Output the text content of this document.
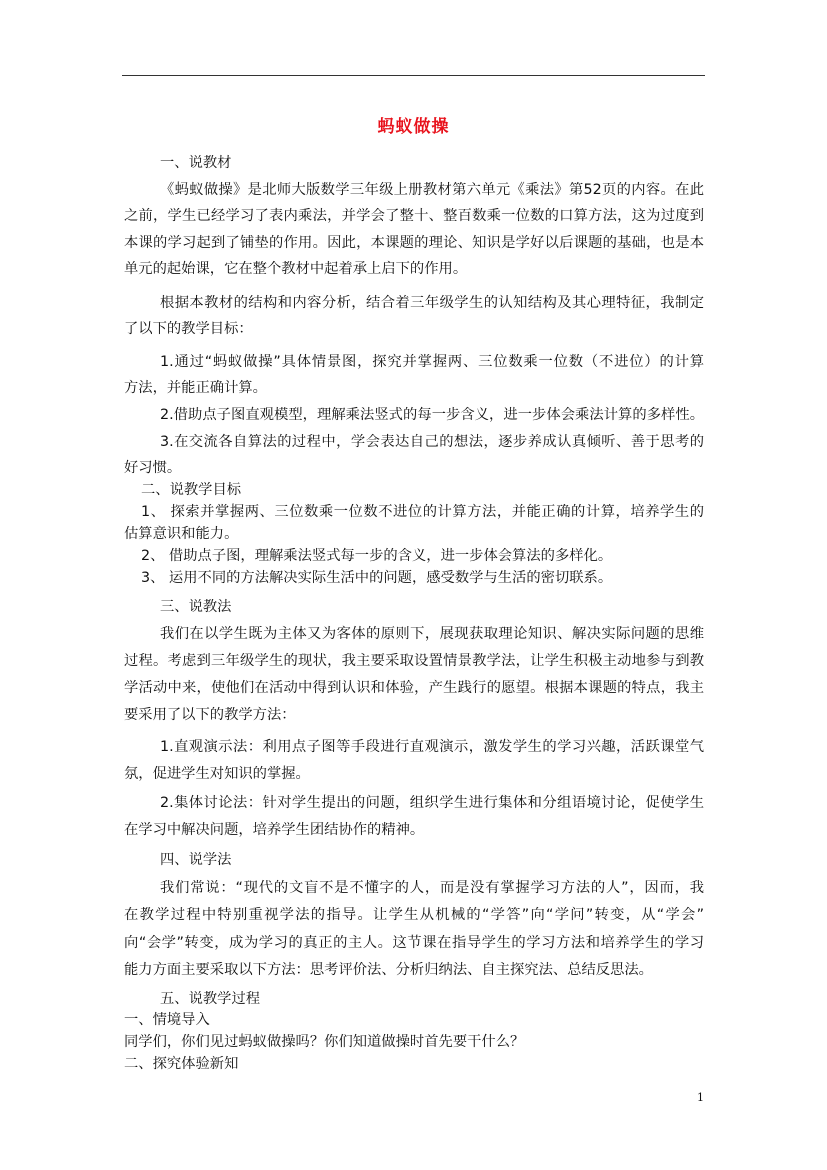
蚂蚁做操
一、说教材
《蚂蚁做操》是北师大版数学三年级上册教材第六单元《乘法》第52页的内容。在此
之前，学生已经学习了表内乘法，并学会了整十、整百数乘一位数的口算方法，这为过度到
本课的学习起到了铺垫的作用。因此，本课题的理论、知识是学好以后课题的基础，也是本
单元的起始课，它在整个教材中起着承上启下的作用。
根据本教材的结构和内容分析，结合着三年级学生的认知结构及其心理特征，我制定
了以下的教学目标：
1.通过“蚂蚁做操”具体情景图，探究并掌握两、三位数乘一位数（不进位）的计算
方法，并能正确计算。
2.借助点子图直观模型，理解乘法竖式的每一步含义，进一步体会乘法计算的多样性。
3.在交流各自算法的过程中，学会表达自己的想法，逐步养成认真倾听、善于思考的
好习惯。
二、说教学目标
1、 探索并掌握两、三位数乘一位数不进位的计算方法，并能正确的计算，培养学生的
估算意识和能力。
2、 借助点子图，理解乘法竖式每一步的含义，进一步体会算法的多样化。
3、 运用不同的方法解决实际生活中的问题，感受数学与生活的密切联系。
三、说教法
我们在以学生既为主体又为客体的原则下，展现获取理论知识、解决实际问题的思维
过程。考虑到三年级学生的现状，我主要采取设置情景教学法，让学生积极主动地参与到教
学活动中来，使他们在活动中得到认识和体验，产生践行的愿望。根据本课题的特点，我主
要采用了以下的教学方法：
1.直观演示法：利用点子图等手段进行直观演示，激发学生的学习兴趣，活跃课堂气
氛，促进学生对知识的掌握。
2.集体讨论法：针对学生提出的问题，组织学生进行集体和分组语境讨论，促使学生
在学习中解决问题，培养学生团结协作的精神。
四、说学法
我们常说：“现代的文盲不是不懂字的人，而是没有掌握学习方法的人”，因而，我
在教学过程中特别重视学法的指导。让学生从机械的“学答”向“学问”转变，从“学会”
向“会学”转变，成为学习的真正的主人。这节课在指导学生的学习方法和培养学生的学习
能力方面主要采取以下方法：思考评价法、分析归纳法、自主探究法、总结反思法。
五、说教学过程
一、情境导入
同学们，你们见过蚂蚁做操吗？你们知道做操时首先要干什么？
二、探究体验新知
1
